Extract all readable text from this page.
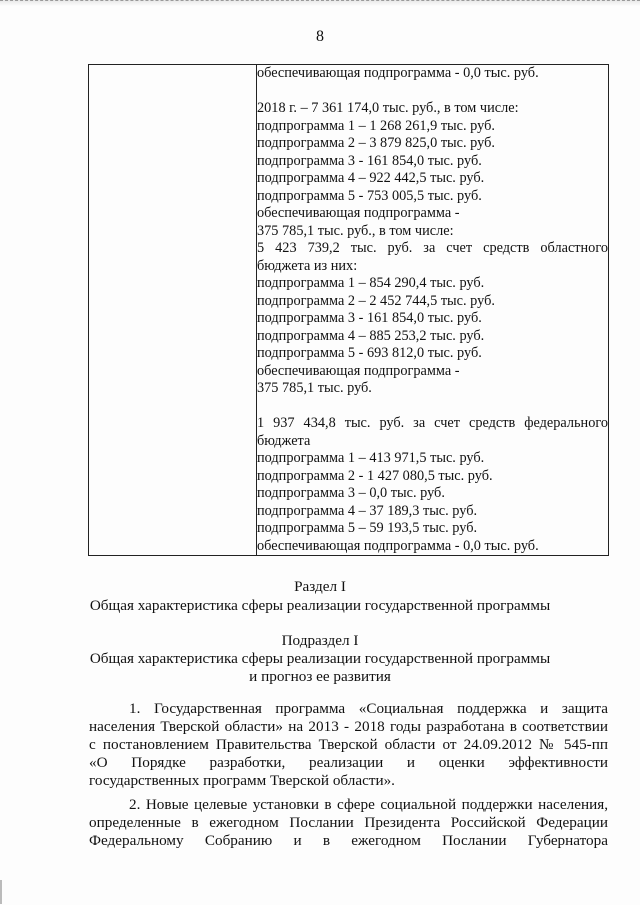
8

обеспечивающая подпрограмма - 0,0 тыс. руб.
2018 г. – 7 361 174,0 тыс. руб., в том числе:
подпрограмма 1 – 1 268 261,9 тыс. руб.
подпрограмма 2 – 3 879 825,0 тыс. руб.
подпрограмма 3 - 161 854,0 тыс. руб.
подпрограмма 4 – 922 442,5 тыс. руб.
подпрограмма 5 - 753 005,5 тыс. руб.
обеспечивающая подпрограмма -
375 785,1 тыс. руб., в том числе:
5 423 739,2 тыс. руб. за счет средств областного
бюджета из них:
подпрограмма 1 – 854 290,4 тыс. руб.
подпрограмма 2 – 2 452 744,5 тыс. руб.
подпрограмма 3 - 161 854,0 тыс. руб.
подпрограмма 4 – 885 253,2 тыс. руб.
подпрограмма 5 - 693 812,0 тыс. руб.
обеспечивающая подпрограмма -
375 785,1 тыс. руб.
1 937 434,8 тыс. руб. за счет средств федерального
бюджета
подпрограмма 1 – 413 971,5 тыс. руб.
подпрограмма 2 - 1 427 080,5 тыс. руб.
подпрограмма 3 – 0,0 тыс. руб.
подпрограмма 4 – 37 189,3 тыс. руб.
подпрограмма 5 – 59 193,5 тыс. руб.
обеспечивающая подпрограмма - 0,0 тыс. руб.
Раздел I
Общая характеристика сферы реализации государственной программы
Подраздел I
Общая характеристика сферы реализации государственной программы
и прогноз ее развития
1. Государственная программа «Социальная поддержка и защита
населения Тверской области» на 2013 - 2018 годы разработана в соответствии
с постановлением Правительства Тверской области от 24.09.2012 № 545-пп
«О Порядке разработки, реализации и оценки эффективности
государственных программ Тверской области».
2. Новые целевые установки в сфере социальной поддержки населения,
определенные в ежегодном Послании Президента Российской Федерации
Федеральному Собранию и в ежегодном Послании Губернатора
